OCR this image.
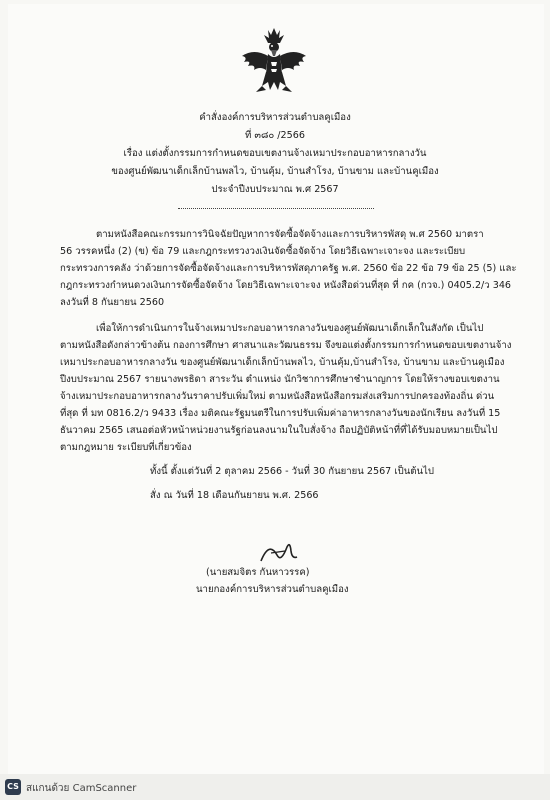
คำสั่งองค์การบริหารส่วนตำบลคูเมือง
ที่ ๓๘๐ /2566
เรื่อง แต่งตั้งกรรมการกำหนดขอบเขตงานจ้างเหมาประกอบอาหารกลางวัน
ของศูนย์พัฒนาเด็กเล็กบ้านพลไว, บ้านคุ้ม, บ้านสำโรง, บ้านขาม และบ้านคูเมือง
ประจำปีงบประมาณ พ.ศ 2567
ตามหนังสือคณะกรรมการวินิจฉัยปัญหาการจัดซื้อจัดจ้างและการบริหารพัสดุ พ.ศ 2560 มาตรา
56 วรรคหนึ่ง (2) (ข) ข้อ 79 และกฎกระทรวงวงเงินจัดซื้อจัดจ้าง โดยวิธีเฉพาะเจาะจง และระเบียบ
กระทรวงการคลัง ว่าด้วยการจัดซื้อจัดจ้างและการบริหารพัสดุภาครัฐ พ.ศ. 2560 ข้อ 22 ข้อ 79 ข้อ 25 (5) และ
กฎกระทรวงกำหนดวงเงินการจัดซื้อจัดจ้าง โดยวิธีเฉพาะเจาะจง หนังสือด่วนที่สุด ที่ กค (กวจ.) 0405.2/ว 346
ลงวันที่ 8 กันยายน 2560
เพื่อให้การดำเนินการในจ้างเหมาประกอบอาหารกลางวันของศูนย์พัฒนาเด็กเล็กในสังกัด เป็นไป
ตามหนังสือดังกล่าวข้างต้น กองการศึกษา ศาสนาและวัฒนธรรม จึงขอแต่งตั้งกรรมการกำหนดขอบเขตงานจ้าง
เหมาประกอบอาหารกลางวัน ของศูนย์พัฒนาเด็กเล็กบ้านพลไว, บ้านคุ้ม,บ้านสำโรง, บ้านขาม และบ้านคูเมือง
ปีงบประมาณ 2567 รายนางพรธิดา สาระวัน ตำแหน่ง นักวิชาการศึกษาชำนาญการ โดยให้รางขอบเขตงาน
จ้างเหมาประกอบอาหารกลางวันราคาปรับเพิ่มใหม่ ตามหนังสือหนังสือกรมส่งเสริมการปกครองท้องถิ่น ด่วน
ที่สุด ที่ มท 0816.2/ว 9433 เรื่อง มติคณะรัฐมนตรีในการปรับเพิ่มค่าอาหารกลางวันของนักเรียน ลงวันที่ 15
ธันวาคม 2565 เสนอต่อหัวหน้าหน่วยงานรัฐก่อนลงนามในใบสั่งจ้าง ถือปฏิบัติหน้าที่ที่ได้รับมอบหมายเป็นไป
ตามกฎหมาย ระเบียบที่เกี่ยวข้อง
ทั้งนี้ ตั้งแต่วันที่ 2 ตุลาคม 2566 - วันที่ 30 กันยายน 2567 เป็นต้นไป
สั่ง ณ วันที่ 18 เดือนกันยายน พ.ศ. 2566
(นายสมจิตร กันหาวรรค)
นายกองค์การบริหารส่วนตำบลคูเมือง
CS สแกนด้วย CamScanner
